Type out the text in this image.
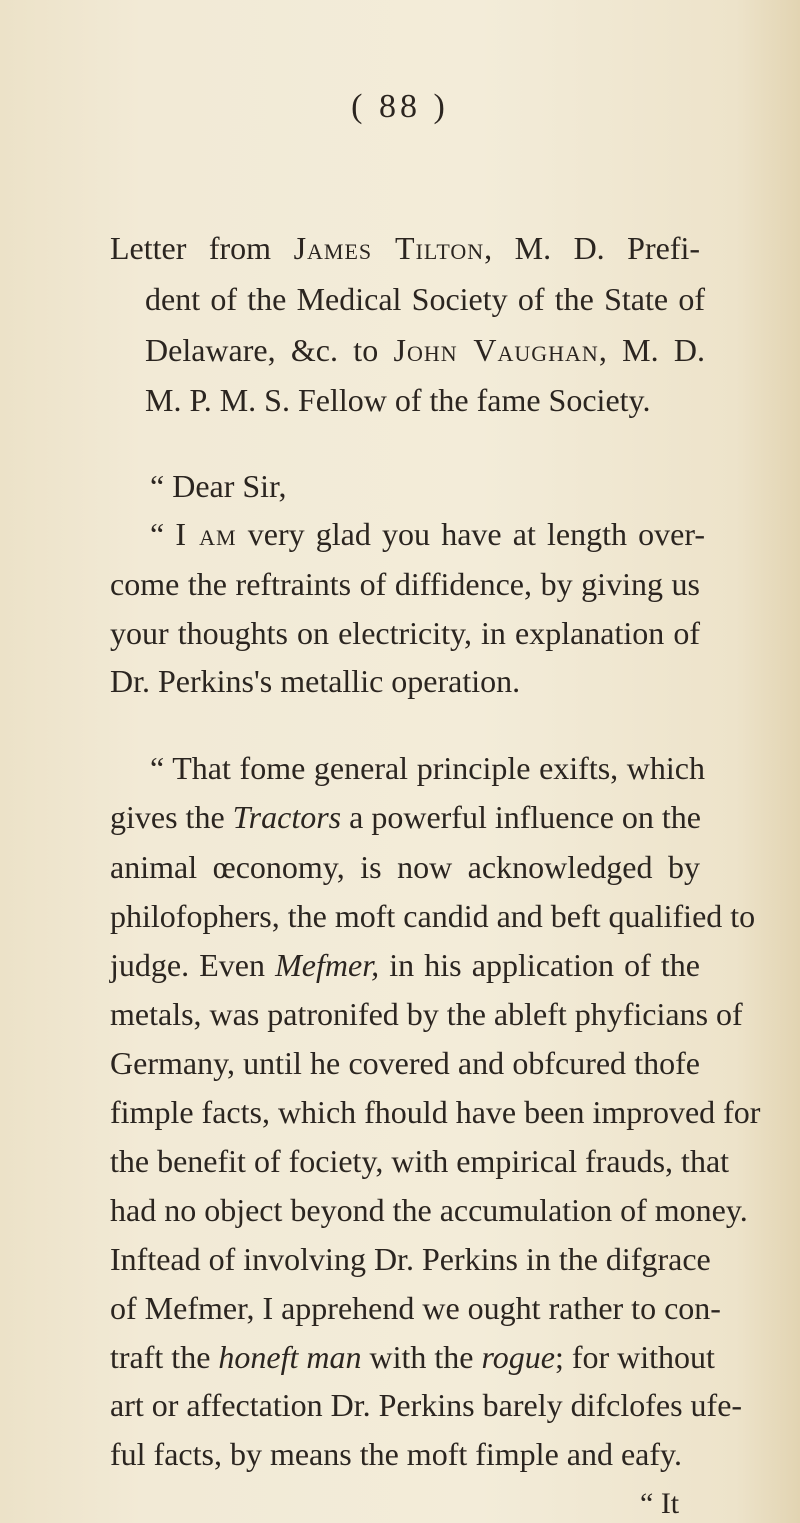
( 88 )
Letter from James Tilton, M. D. Prefi-
dent of the Medical Society of the State of
Delaware, &c. to John Vaughan, M. D.
M. P. M. S. Fellow of the fame Society.
“ Dear Sir,
“ I am very glad you have at length over-
come the reftraints of diffidence, by giving us
your thoughts on electricity, in explanation of
Dr. Perkins's metallic operation.
“ That fome general principle exifts, which
gives the Tractors a powerful influence on the
animal œconomy, is now acknowledged by
philofophers, the moft candid and beft qualified to
judge. Even Mefmer, in his application of the
metals, was patronifed by the ableft phyficians of
Germany, until he covered and obfcured thofe
fimple facts, which fhould have been improved for
the benefit of fociety, with empirical frauds, that
had no object beyond the accumulation of money.
Inftead of involving Dr. Perkins in the difgrace
of Mefmer, I apprehend we ought rather to con-
traft the honeft man with the rogue; for without
art or affectation Dr. Perkins barely difclofes ufe-
ful facts, by means the moft fimple and eafy.
“ It
